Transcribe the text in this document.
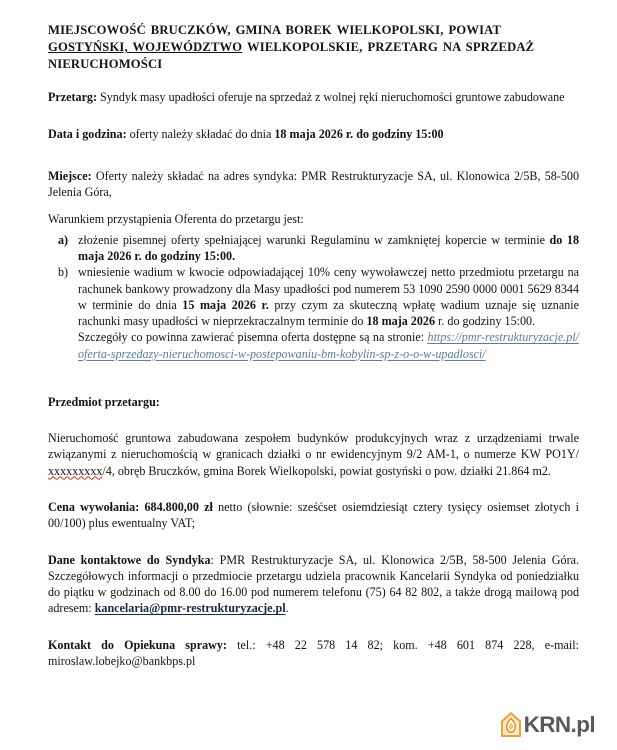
MIEJSCOWOŚĆ BRUCZKÓW, GMINA BOREK WIELKOPOLSKI, POWIAT GOSTYŃSKI, WOJEWÓDZTWO WIELKOPOLSKIE, PRZETARG NA SPRZEDAŻ NIERUCHOMOŚCI

Przetarg: Syndyk masy upadłości oferuje na sprzedaż z wolnej ręki nieruchomości gruntowe zabudowane

Data i godzina: oferty należy składać do dnia 18 maja 2026 r. do godziny 15:00

Miejsce: Oferty należy składać na adres syndyka: PMR Restrukturyzacje SA, ul. Klonowica 2/5B, 58-500 Jelenia Góra,

Warunkiem przystąpienia Oferenta do przetargu jest:

a) złożenie pisemnej oferty spełniającej warunki Regulaminu w zamkniętej kopercie w terminie do 18 maja 2026 r. do godziny 15:00.
b) wniesienie wadium w kwocie odpowiadającej 10% ceny wywoławczej netto przedmiotu przetargu na rachunek bankowy prowadzony dla Masy upadłości pod numerem 53 1090 2590 0000 0001 5629 8344 w terminie do dnia 15 maja 2026 r. przy czym za skuteczną wpłatę wadium uznaje się uznanie rachunki masy upadłości w nieprzekraczalnym terminie do 18 maja 2026 r. do godziny 15:00.

Szczegóły co powinna zawierać pisemna oferta dostępne są na stronie: https://pmr-restrukturyzacje.pl/oferta-sprzedazy-nieruchomosci-w-postepowaniu-bm-kobylin-sp-z-o-o-w-upadlosci/

Przedmiot przetargu:

Nieruchomość gruntowa zabudowana zespołem budynków produkcyjnych wraz z urządzeniami trwale związanymi z nieruchomością w granicach działki o nr ewidencyjnym 9/2 AM-1, o numerze KW PO1Y/xxxxxxxxx/4, obręb Bruczków, gmina Borek Wielkopolski, powiat gostyński o pow. działki 21.864 m2.

Cena wywołania: 684.800,00 zł netto (słownie: sześćset osiemdziesiąt cztery tysięcy osiemset złotych i 00/100) plus ewentualny VAT;

Dane kontaktowe do Syndyka: PMR Restrukturyzacje SA, ul. Klonowica 2/5B, 58-500 Jelenia Góra. Szczegółowych informacji o przedmiocie przetargu udziela pracownik Kancelarii Syndyka od poniedziałku do piątku w godzinach od 8.00 do 16.00 pod numerem telefonu (75) 64 82 802, a także drogą mailową pod adresem: kancelaria@pmr-restrukturyzacje.pl.

Kontakt do Opiekuna sprawy: tel.: +48 22 578 14 82; kom. +48 601 874 228, e-mail: miroslaw.lobejko@bankbps.pl

KRN.pl
